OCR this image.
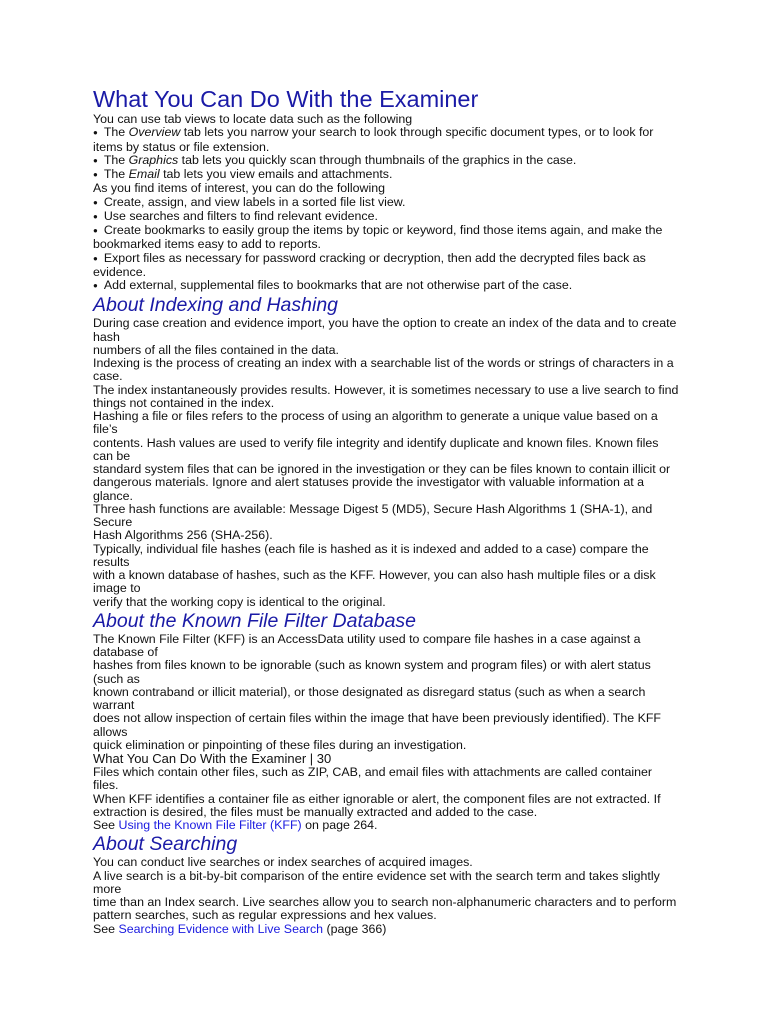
What You Can Do With the Examiner

You can use tab views to locate data such as the following

● The Overview tab lets you narrow your search to look through specific document types, or to look for

items by status or file extension.

● The Graphics tab lets you quickly scan through thumbnails of the graphics in the case.

● The Email tab lets you view emails and attachments.

As you find items of interest, you can do the following

● Create, assign, and view labels in a sorted file list view.

● Use searches and filters to find relevant evidence.

● Create bookmarks to easily group the items by topic or keyword, find those items again, and make the

bookmarked items easy to add to reports.

● Export files as necessary for password cracking or decryption, then add the decrypted files back as

evidence.

● Add external, supplemental files to bookmarks that are not otherwise part of the case.

About Indexing and Hashing

During case creation and evidence import, you have the option to create an index of the data and to create

hash

numbers of all the files contained in the data.

Indexing is the process of creating an index with a searchable list of the words or strings of characters in a

case.

The index instantaneously provides results. However, it is sometimes necessary to use a live search to find

things not contained in the index.

Hashing a file or files refers to the process of using an algorithm to generate a unique value based on a

file’s

contents. Hash values are used to verify file integrity and identify duplicate and known files. Known files

can be

standard system files that can be ignored in the investigation or they can be files known to contain illicit or

dangerous materials. Ignore and alert statuses provide the investigator with valuable information at a

glance.

Three hash functions are available: Message Digest 5 (MD5), Secure Hash Algorithms 1 (SHA-1), and

Secure

Hash Algorithms 256 (SHA-256).

Typically, individual file hashes (each file is hashed as it is indexed and added to a case) compare the

results

with a known database of hashes, such as the KFF. However, you can also hash multiple files or a disk

image to

verify that the working copy is identical to the original.

About the Known File Filter Database

The Known File Filter (KFF) is an AccessData utility used to compare file hashes in a case against a

database of

hashes from files known to be ignorable (such as known system and program files) or with alert status

(such as

known contraband or illicit material), or those designated as disregard status (such as when a search

warrant

does not allow inspection of certain files within the image that have been previously identified). The KFF

allows

quick elimination or pinpointing of these files during an investigation.

What You Can Do With the Examiner | 30

Files which contain other files, such as ZIP, CAB, and email files with attachments are called container

files.

When KFF identifies a container file as either ignorable or alert, the component files are not extracted. If

extraction is desired, the files must be manually extracted and added to the case.

See Using the Known File Filter (KFF) on page 264.

About Searching

You can conduct live searches or index searches of acquired images.

A live search is a bit-by-bit comparison of the entire evidence set with the search term and takes slightly

more

time than an Index search. Live searches allow you to search non-alphanumeric characters and to perform

pattern searches, such as regular expressions and hex values.

See Searching Evidence with Live Search (page 366)
